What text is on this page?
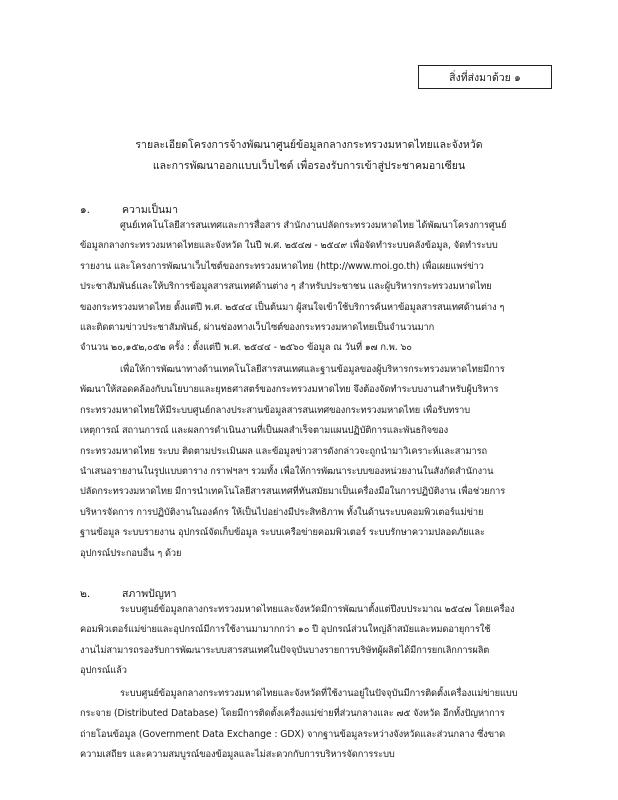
สิ่งที่ส่งมาด้วย ๑
รายละเอียดโครงการจ้างพัฒนาศูนย์ข้อมูลกลางกระทรวงมหาดไทยและจังหวัด
และการพัฒนาออกแบบเว็บไซต์ เพื่อรองรับการเข้าสู่ประชาคมอาเซียน
๑.	ความเป็นมา
ศูนย์เทคโนโลยีสารสนเทศและการสื่อสาร สำนักงานปลัดกระทรวงมหาดไทย ได้พัฒนาโครงการศูนย์
ข้อมูลกลางกระทรวงมหาดไทยและจังหวัด ในปี พ.ศ. ๒๕๔๗ - ๒๕๔๙ เพื่อจัดทำระบบคลังข้อมูล, จัดทำระบบ
รายงาน และโครงการพัฒนาเว็บไซต์ของกระทรวงมหาดไทย (http://www.moi.go.th) เพื่อเผยแพร่ข่าว
ประชาสัมพันธ์และให้บริการข้อมูลสารสนเทศด้านต่าง ๆ สำหรับประชาชน และผู้บริหารกระทรวงมหาดไทย
ของกระทรวงมหาดไทย ตั้งแต่ปี พ.ศ. ๒๕๔๔ เป็นต้นมา ผู้สนใจเข้าใช้บริการค้นหาข้อมูลสารสนเทศด้านต่าง ๆ
และติดตามข่าวประชาสัมพันธ์, ผ่านช่องทางเว็บไซต์ของกระทรวงมหาดไทยเป็นจำนวนมาก
จำนวน ๒๐,๑๕๒,๐๕๒ ครั้ง : ตั้งแต่ปี พ.ศ. ๒๕๔๔ - ๒๕๖๐ ข้อมูล ณ วันที่ ๑๗ ก.พ. ๖๐
เพื่อให้การพัฒนาทางด้านเทคโนโลยีสารสนเทศและฐานข้อมูลของผู้บริหารกระทรวงมหาดไทยมีการ
พัฒนาให้สอดคล้องกับนโยบายและยุทธศาสตร์ของกระทรวงมหาดไทย จึงต้องจัดทำระบบงานสำหรับผู้บริหาร
กระทรวงมหาดไทยให้มีระบบศูนย์กลางประสานข้อมูลสารสนเทศของกระทรวงมหาดไทย เพื่อรับทราบ
เหตุการณ์ สถานการณ์ และผลการดำเนินงานที่เป็นผลสำเร็จตามแผนปฏิบัติการและพันธกิจของ
กระทรวงมหาดไทย ระบบ ติดตามประเมินผล และข้อมูลข่าวสารดังกล่าวจะถูกนำมาวิเคราะห์และสามารถ
นำเสนอรายงานในรูปแบบตาราง กราฟฯลฯ รวมทั้ง เพื่อให้การพัฒนาระบบของหน่วยงานในสังกัดสำนักงาน
ปลัดกระทรวงมหาดไทย มีการนำเทคโนโลยีสารสนเทศที่ทันสมัยมาเป็นเครื่องมือในการปฏิบัติงาน เพื่อช่วยการ
บริหารจัดการ การปฏิบัติงานในองค์กร ให้เป็นไปอย่างมีประสิทธิภาพ ทั้งในด้านระบบคอมพิวเตอร์แม่ข่าย
ฐานข้อมูล ระบบรายงาน อุปกรณ์จัดเก็บข้อมูล ระบบเครือข่ายคอมพิวเตอร์ ระบบรักษาความปลอดภัยและ
อุปกรณ์ประกอบอื่น ๆ ด้วย
๒.	สภาพปัญหา
ระบบศูนย์ข้อมูลกลางกระทรวงมหาดไทยและจังหวัดมีการพัฒนาตั้งแต่ปีงบประมาณ ๒๕๔๗ โดยเครื่อง
คอมพิวเตอร์แม่ข่ายและอุปกรณ์มีการใช้งานมามากกว่า ๑๐ ปี อุปกรณ์ส่วนใหญ่ล้าสมัยและหมดอายุการใช้
งานไม่สามารถรองรับการพัฒนาระบบสารสนเทศในปัจจุบันบางรายการบริษัทผู้ผลิตได้มีการยกเลิกการผลิต
อุปกรณ์แล้ว
ระบบศูนย์ข้อมูลกลางกระทรวงมหาดไทยและจังหวัดที่ใช้งานอยู่ในปัจจุบันมีการติดตั้งเครื่องแม่ข่ายแบบ
กระจาย (Distributed Database) โดยมีการติดตั้งเครื่องแม่ข่ายที่ส่วนกลางและ ๗๕ จังหวัด อีกทั้งปัญหาการ
ถ่ายโอนข้อมูล (Government Data Exchange : GDX) จากฐานข้อมูลระหว่างจังหวัดและส่วนกลาง ซึ่งขาด
ความเสถียร และความสมบูรณ์ของข้อมูลและไม่สะดวกกับการบริหารจัดการระบบ
